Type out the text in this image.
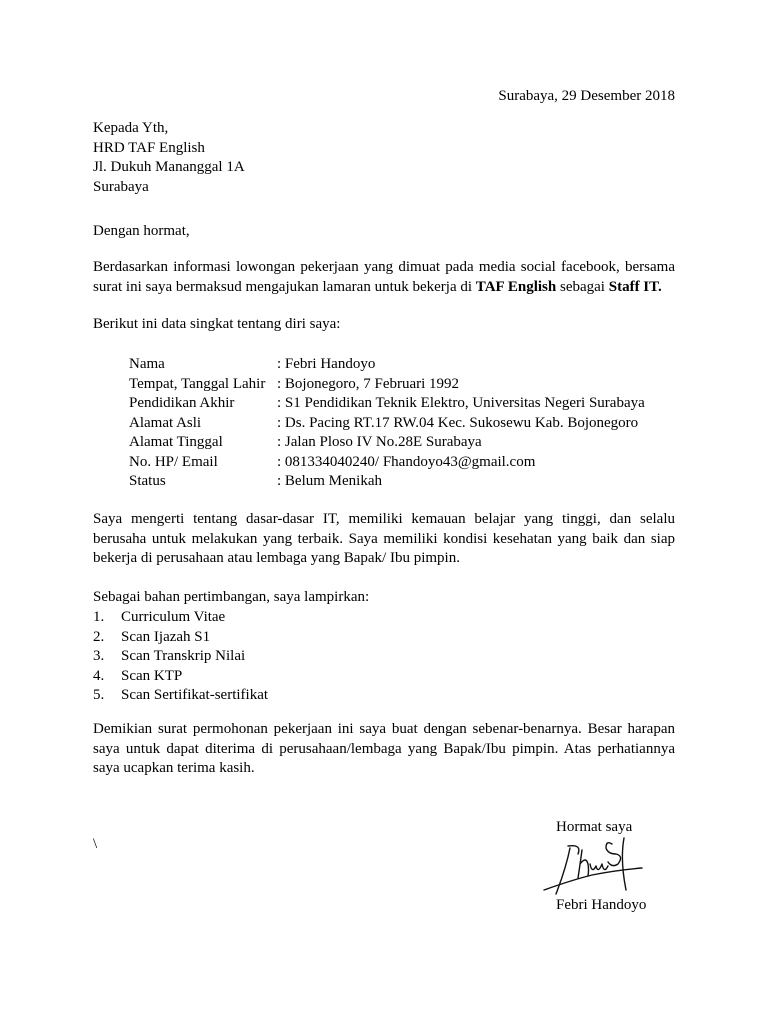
Surabaya, 29 Desember 2018
Kepada Yth,
HRD TAF English
Jl. Dukuh Mananggal 1A
Surabaya
Dengan hormat,
Berdasarkan informasi lowongan pekerjaan yang dimuat pada media social facebook, bersama surat ini saya bermaksud mengajukan lamaran untuk bekerja di TAF English sebagai Staff IT.
Berikut ini data singkat tentang diri saya:
Nama	: Febri Handoyo
Tempat, Tanggal Lahir	: Bojonegoro, 7 Februari 1992
Pendidikan Akhir	: S1 Pendidikan Teknik Elektro, Universitas Negeri Surabaya
Alamat Asli	: Ds. Pacing RT.17 RW.04 Kec. Sukosewu Kab. Bojonegoro
Alamat Tinggal	: Jalan Ploso IV No.28E Surabaya
No. HP/ Email	: 081334040240/ Fhandoyo43@gmail.com
Status	: Belum Menikah
Saya mengerti tentang dasar-dasar IT, memiliki kemauan belajar yang tinggi, dan selalu berusaha untuk melakukan yang terbaik. Saya memiliki kondisi kesehatan yang baik dan siap bekerja di perusahaan atau lembaga yang Bapak/ Ibu pimpin.
Sebagai bahan pertimbangan, saya lampirkan:
1. Curriculum Vitae
2. Scan Ijazah S1
3. Scan Transkrip Nilai
4. Scan KTP
5. Scan Sertifikat-sertifikat
Demikian surat permohonan pekerjaan ini saya buat dengan sebenar-benarnya. Besar harapan saya untuk dapat diterima di perusahaan/lembaga yang Bapak/Ibu pimpin. Atas perhatiannya saya ucapkan terima kasih.
\
Hormat saya
Febri Handoyo
